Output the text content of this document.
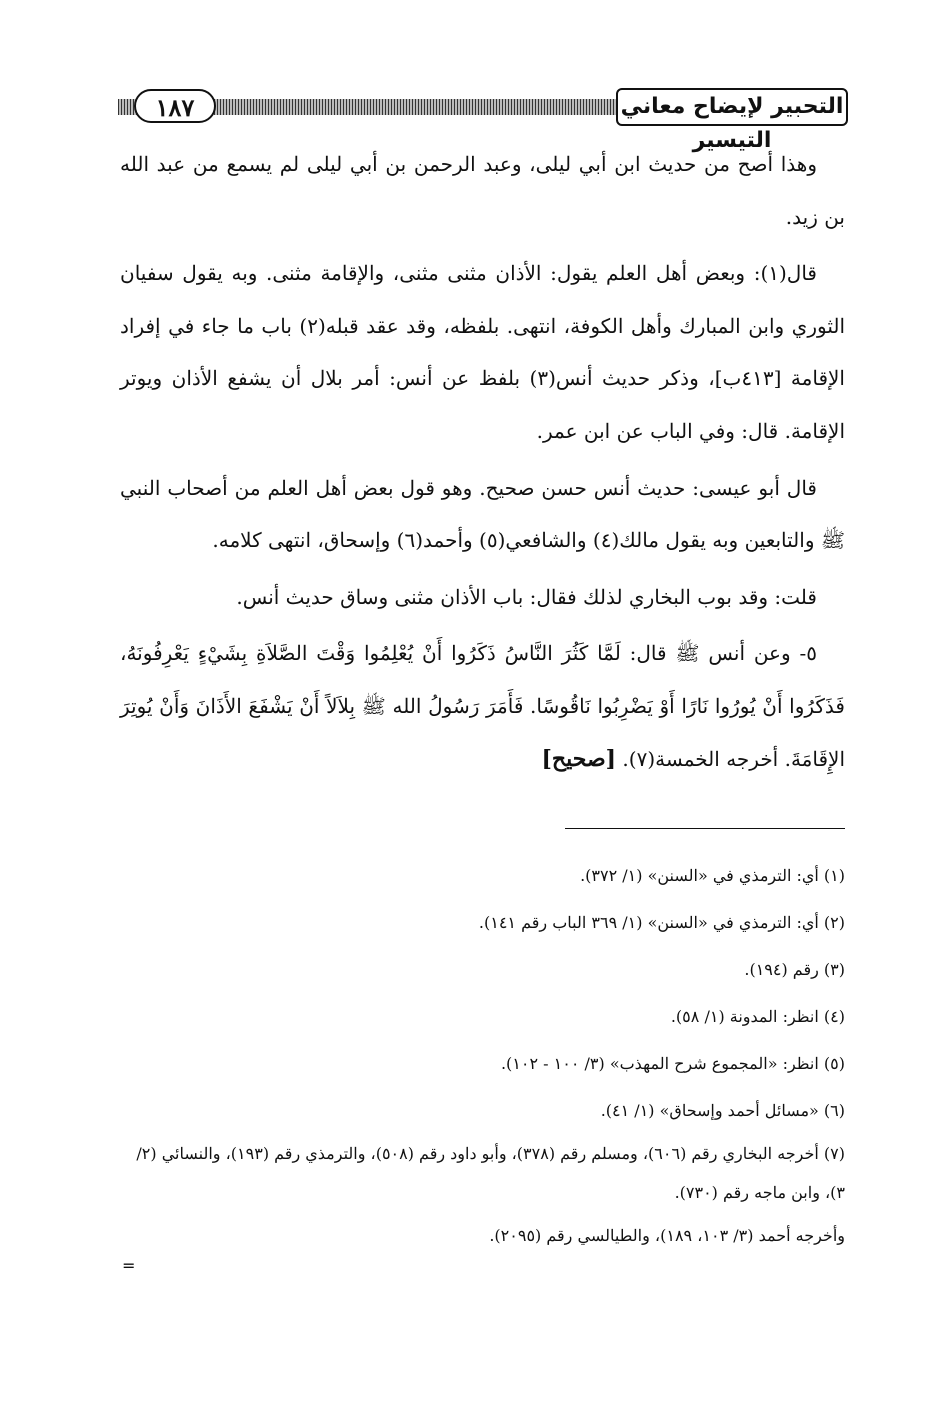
١٨٧	التحبير لإيضاح معاني التيسير

وهذا أصح من حديث ابن أبي ليلى، وعبد الرحمن بن أبي ليلى لم يسمع من عبد الله بن زيد.

قال(١): وبعض أهل العلم يقول: الأذان مثنى مثنى، والإقامة مثنى. وبه يقول سفيان الثوري وابن المبارك وأهل الكوفة، انتهى. بلفظه، وقد عقد قبله(٢) باب ما جاء في إفراد الإقامة [٤١٣ب]، وذكر حديث أنس(٣) بلفظ عن أنس: أمر بلال أن يشفع الأذان ويوتر الإقامة. قال: وفي الباب عن ابن عمر.

قال أبو عيسى: حديث أنس حسن صحيح. وهو قول بعض أهل العلم من أصحاب النبي ﷺ والتابعين وبه يقول مالك(٤) والشافعي(٥) وأحمد(٦) وإسحاق، انتهى كلامه.

قلت: وقد بوب البخاري لذلك فقال: باب الأذان مثنى وساق حديث أنس.

٥- وعن أنس ﷺ قال: لَمَّا كَثُرَ النَّاسُ ذَكَرُوا أَنْ يُعْلِمُوا وَقْتَ الصَّلاَةِ بِشَيْءٍ يَعْرِفُونَهُ، فَذَكَرُوا أَنْ يُورُوا نَارًا أَوْ يَضْرِبُوا نَاقُوسًا. فَأَمَرَ رَسُولُ الله ﷺ بِلاَلاً أَنْ يَشْفَعَ الأَذَانَ وَأَنْ يُوتِرَ الإِقَامَةَ. أخرجه الخمسة(٧). [صحيح]

(١) أي: الترمذي في «السنن» (١/ ٣٧٢).

(٢) أي: الترمذي في «السنن» (١/ ٣٦٩ الباب رقم ١٤١).

(٣) رقم (١٩٤).

(٤) انظر: المدونة (١/ ٥٨).

(٥) انظر: «المجموع شرح المهذب» (٣/ ١٠٠ - ١٠٢).

(٦) «مسائل أحمد وإسحاق» (١/ ٤١).

(٧) أخرجه البخاري رقم (٦٠٦)، ومسلم رقم (٣٧٨)، وأبو داود رقم (٥٠٨)، والترمذي رقم (١٩٣)، والنسائي (٢/ ٣)، وابن ماجه رقم (٧٣٠).

وأخرجه أحمد (٣/ ١٠٣، ١٨٩)، والطيالسي رقم (٢٠٩٥).

=
